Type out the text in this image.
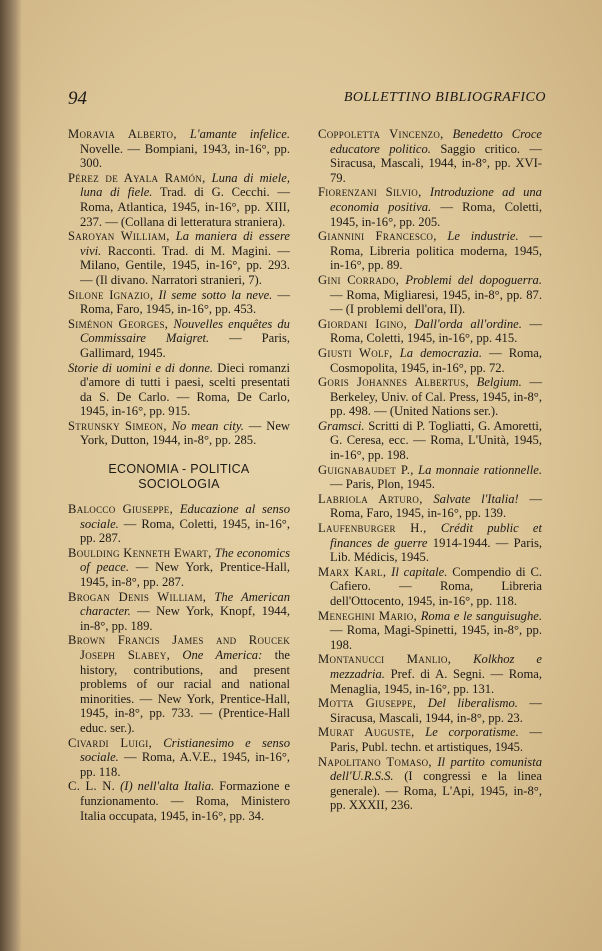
94	BOLLETTINO BIBLIOGRAFICO

Moravia Alberto, L'amante infelice. Novelle. — Bompiani, 1943, in-16°, pp. 300.

Pérez de Ayala Ramón, Luna di miele, luna di fiele. Trad. di G. Cecchi. — Roma, Atlantica, 1945, in-16°, pp. XIII, 237. — (Collana di letteratura straniera).

Saroyan William, La maniera di essere vivi. Racconti. Trad. di M. Magini. — Milano, Gentile, 1945, in-16°, pp. 293. — (Il divano. Narratori stranieri, 7).

Silone Ignazio, Il seme sotto la neve. — Roma, Faro, 1945, in-16°, pp. 453.

Siménon Georges, Nouvelles enquêtes du Commissaire Maigret. — Paris, Gallimard, 1945.

Storie di uomini e di donne. Dieci romanzi d'amore di tutti i paesi, scelti presentati da S. De Carlo. — Roma, De Carlo, 1945, in-16°, pp. 915.

Strunsky Simeon, No mean city. — New York, Dutton, 1944, in-8°, pp. 285.

ECONOMIA - POLITICA
SOCIOLOGIA

Balocco Giuseppe, Educazione al senso sociale. — Roma, Coletti, 1945, in-16°, pp. 287.

Boulding Kenneth Ewart, The economics of peace. — New York, Prentice-Hall, 1945, in-8°, pp. 287.

Brogan Denis William, The American character. — New York, Knopf, 1944, in-8°, pp. 189.

Brown Francis James and Roucek Joseph Slabey, One America: the history, contributions, and present problems of our racial and national minorities. — New York, Prentice-Hall, 1945, in-8°, pp. 733. — (Prentice-Hall educ. ser.).

Civardi Luigi, Cristianesimo e senso sociale. — Roma, A.V.E., 1945, in-16°, pp. 118.

C. L. N. (I) nell'alta Italia. Formazione e funzionamento. — Roma, Ministero Italia occupata, 1945, in-16°, pp. 34.

Coppoletta Vincenzo, Benedetto Croce educatore politico. Saggio critico. — Siracusa, Mascali, 1944, in-8°, pp. XVI-79.

Fiorenzani Silvio, Introduzione ad una economia positiva. — Roma, Coletti, 1945, in-16°, pp. 205.

Giannini Francesco, Le industrie. — Roma, Libreria politica moderna, 1945, in-16°, pp. 89.

Gini Corrado, Problemi del dopoguerra. — Roma, Migliaresi, 1945, in-8°, pp. 87. — (I problemi dell'ora, II).

Giordani Igino, Dall'orda all'ordine. — Roma, Coletti, 1945, in-16°, pp. 415.

Giusti Wolf, La democrazia. — Roma, Cosmopolita, 1945, in-16°, pp. 72.

Goris Johannes Albertus, Belgium. — Berkeley, Univ. of Cal. Press, 1945, in-8°, pp. 498. — (United Nations ser.).

Gramsci. Scritti di P. Togliatti, G. Amoretti, G. Ceresa, ecc. — Roma, L'Unità, 1945, in-16°, pp. 198.

Guignabaudet P., La monnaie rationnelle. — Paris, Plon, 1945.

Labriola Arturo, Salvate l'Italia! — Roma, Faro, 1945, in-16°, pp. 139.

Laufenburger H., Crédit public et finances de guerre 1914-1944. — Paris, Lib. Médicis, 1945.

Marx Karl, Il capitale. Compendio di C. Cafiero. — Roma, Libreria dell'Ottocento, 1945, in-16°, pp. 118.

Meneghini Mario, Roma e le sanguisughe. — Roma, Magi-Spinetti, 1945, in-8°, pp. 198.

Montanucci Manlio, Kolkhoz e mezzadria. Pref. di A. Segni. — Roma, Menaglia, 1945, in-16°, pp. 131.

Motta Giuseppe, Del liberalismo. — Siracusa, Mascali, 1944, in-8°, pp. 23.

Murat Auguste, Le corporatisme. — Paris, Publ. techn. et artistiques, 1945.

Napolitano Tomaso, Il partito comunista dell'U.R.S.S. (I congressi e la linea generale). — Roma, L'Api, 1945, in-8°, pp. XXXII, 236.
